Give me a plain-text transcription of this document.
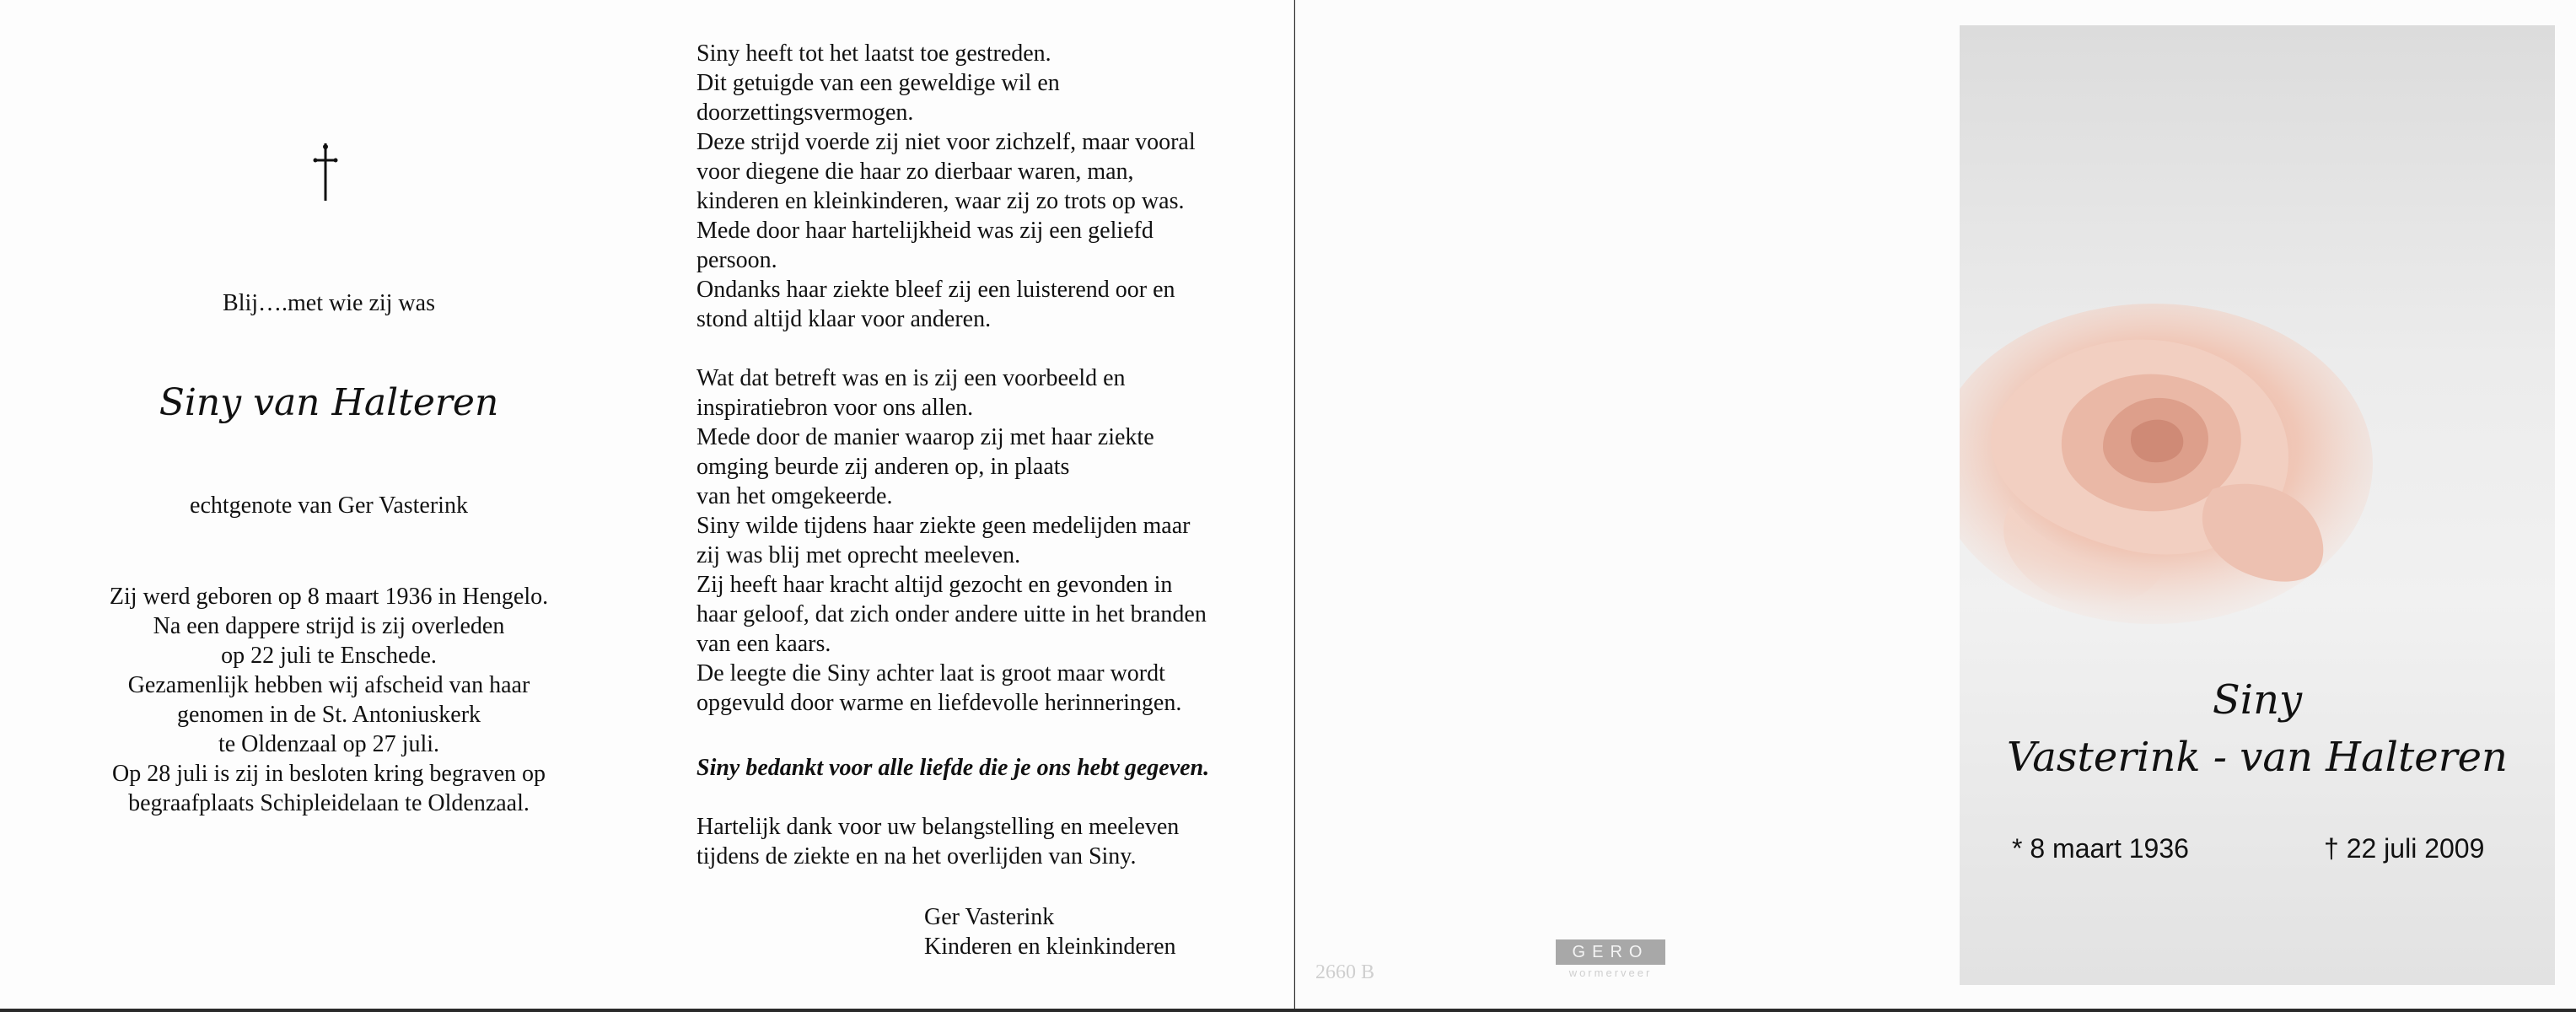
Blij….met wie zij was
Siny van Halteren
echtgenote van Ger Vasterink
Zij werd geboren op 8 maart 1936 in Hengelo.
Na een dappere strijd is zij overleden
op 22 juli te Enschede.
Gezamenlijk hebben wij afscheid van haar
genomen in de St. Antoniuskerk
te Oldenzaal op 27 juli.
Op 28 juli is zij in besloten kring begraven op
begraafplaats Schipleidelaan te Oldenzaal.
Siny heeft tot het laatst toe gestreden.
Dit getuigde van een geweldige wil en
doorzettingsvermogen.
Deze strijd voerde zij niet voor zichzelf, maar vooral
voor diegene die haar zo dierbaar waren, man,
kinderen en kleinkinderen, waar zij zo trots op was.
Mede door haar hartelijkheid was zij een geliefd
persoon.
Ondanks haar ziekte bleef zij een luisterend oor en
stond altijd klaar voor anderen.
Wat dat betreft was en is zij een voorbeeld en
inspiratiebron voor ons allen.
Mede door de manier waarop zij met haar ziekte
omging beurde zij anderen op, in plaats
van het omgekeerde.
Siny wilde tijdens haar ziekte geen medelijden maar
zij was blij met oprecht meeleven.
Zij heeft haar kracht altijd gezocht en gevonden in
haar geloof, dat zich onder andere uitte in het branden
van een kaars.
De leegte die Siny achter laat is groot maar wordt
opgevuld door warme en liefdevolle herinneringen.
Siny bedankt voor alle liefde die je ons hebt gegeven.
Hartelijk dank voor uw belangstelling en meeleven
tijdens de ziekte en na het overlijden van Siny.
Ger Vasterink
Kinderen en kleinkinderen
2660 B
GERO
wormerveer
Siny
Vasterink - van Halteren
* 8 maart 1936	† 22 juli 2009
